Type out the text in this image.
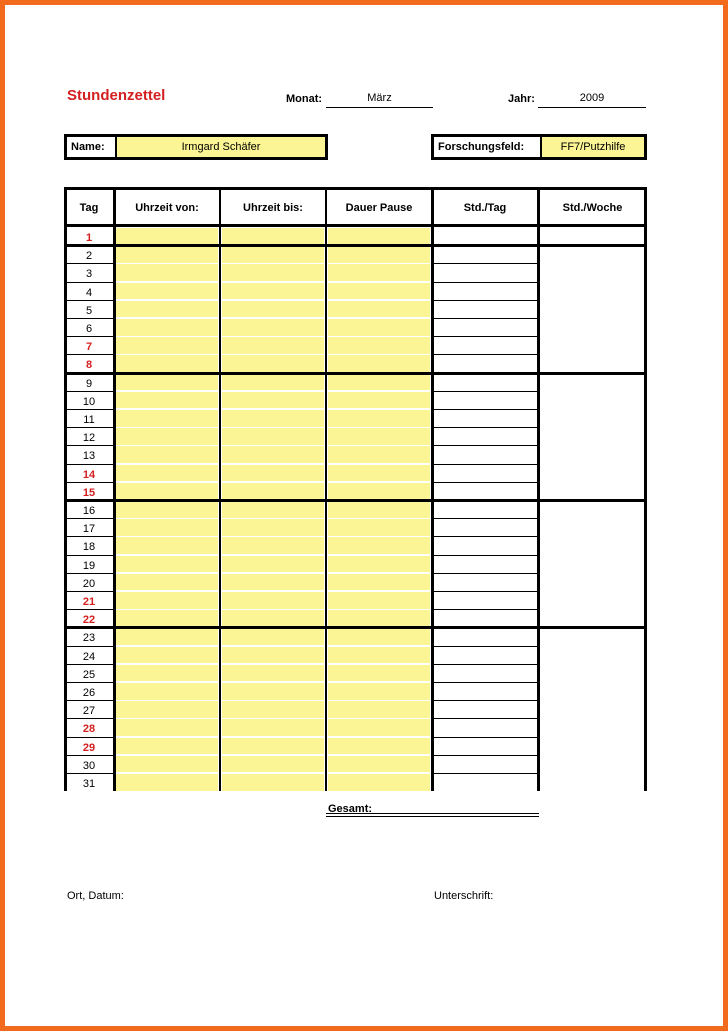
Stundenzettel	Monat:	März	Jahr:	2009
Name:	Irmgard Schäfer	Forschungsfeld:	FF7/Putzhilfe
Tag	Uhrzeit von:	Uhrzeit bis:	Dauer Pause	Std./Tag	Std./Woche
1
2
3
4
5
6
7
8
9
10
11
12
13
14
15
16
17
18
19
20
21
22
23
24
25
26
27
28
29
30
31
Gesamt:
Ort, Datum:	Unterschrift:
